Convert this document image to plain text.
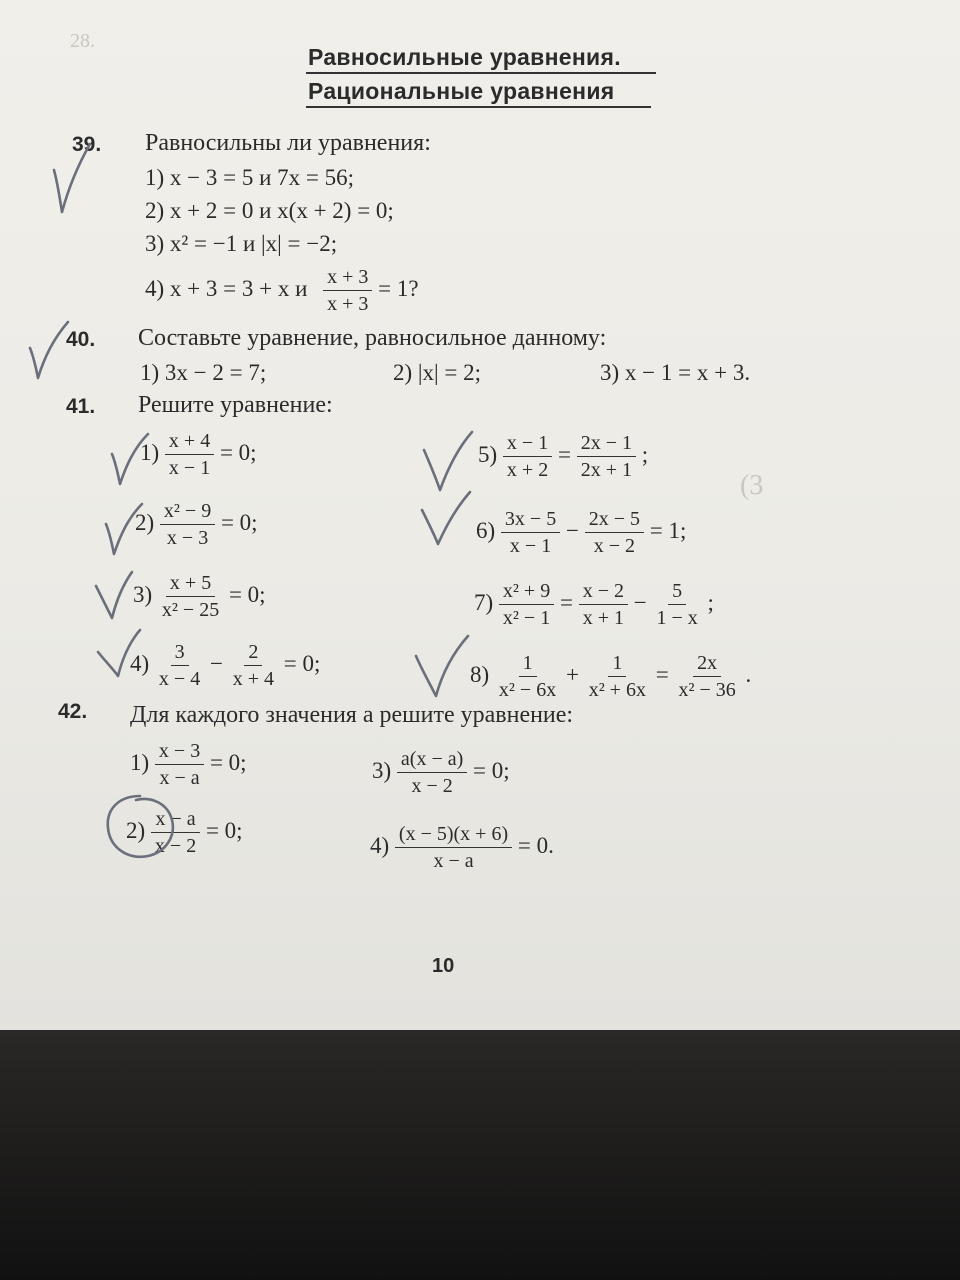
28.
(3
Равносильные уравнения.
Рациональные уравнения
39. Равносильны ли уравнения:
1) x − 3 = 5 и 7x = 56;
2) x + 2 = 0 и x(x + 2) = 0;
3) x² = −1 и |x| = −2;
4) x + 3 = 3 + x и $\frac{x + 3}{x + 3} = 1$?
40. Составьте уравнение, равносильное данному:
1) 3x − 2 = 7;	2) |x| = 2;	3) x − 1 = x + 3.
41. Решите уравнение:
$1) \frac{x + 4}{x - 1} = 0$;
$2) \frac{\text{x² − 9}}{x - 3} = 0$;
$3) \frac{x + 5}{\text{x² − 25}} = 0$;
$4) \frac{3}{x - 4} - \frac{2}{x + 4} = 0$;
$5) \frac{x - 1}{x + 2} = \frac{2x - 1}{2x + 1}$ ;
$6) \frac{3x - 5}{x - 1} - \frac{2x - 5}{x - 2} = 1$;
$7) \frac{\text{x² + 9}}{\text{x² − 1}} = \frac{x - 2}{x + 1} - \frac{5}{1 - x}$ ;
$8) \frac{1}{\text{x² − 6x}} + \frac{1}{\text{x² + 6x}} = \frac{2x}{\text{x² − 36}}$ .
42. Для каждого значения a решите уравнение:
$1) \frac{x - 3}{x - a} = 0$;
$2) \frac{x - a}{x - 2} = 0$;
$3) \frac{a(x - a)}{x - 2} = 0$;
$4) \frac{(x - 5)(x + 6)}{x - a} = 0$.
10
